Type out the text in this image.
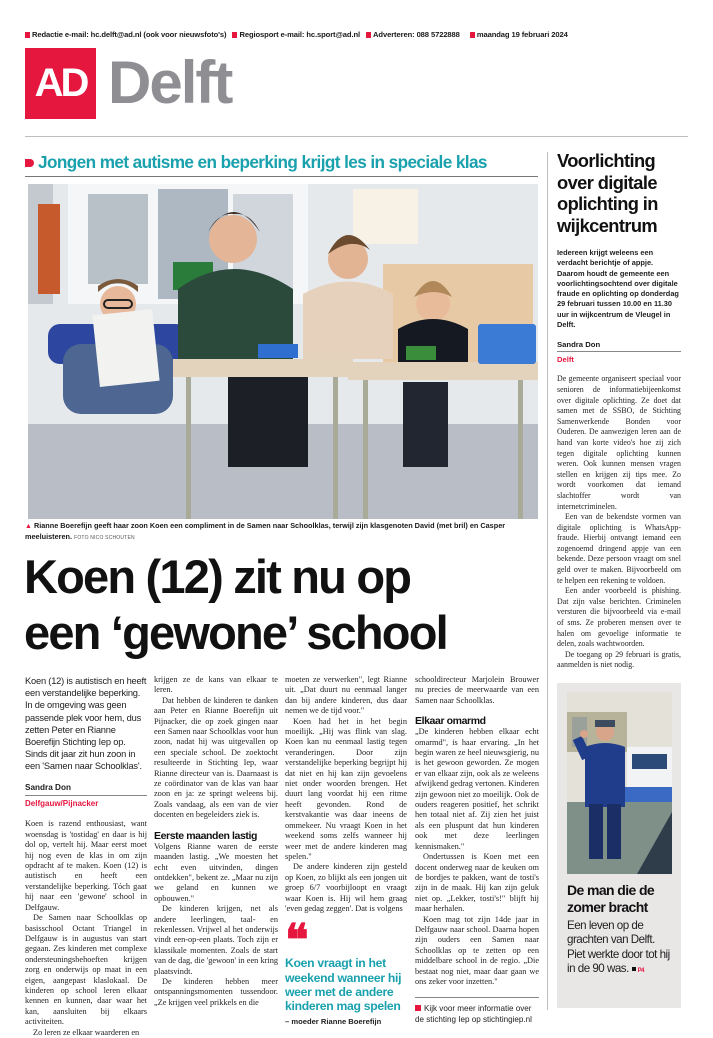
Redactie e-mail: hc.delft@ad.nl (ook voor nieuwsfoto's) Regiosport e-mail: hc.sport@ad.nl Adverteren: 088 5722888 maandag 19 februari 2024
AD Delft
Jongen met autisme en beperking krijgt les in speciale klas
▲ Rianne Boerefijn geeft haar zoon Koen een compliment in de Samen naar Schoolklas, terwijl zijn klasgenoten David (met bril) en Casper meeluisteren. FOTO NICO SCHOUTEN
Koen (12) zit nu op
een ‘gewone’ school
Koen (12) is autistisch en heeft een verstandelijke beperking. In de omgeving was geen passende plek voor hem, dus zetten Peter en Rianne Boerefijn Stichting Iep op. Sinds dit jaar zit hun zoon in een 'Samen naar Schoolklas'.
Sandra Don
Delfgauw/Pijnacker

Koen is razend enthousiast, want woensdag is 'tostidag' en daar is hij dol op, vertelt hij. Maar eerst moet hij nog even de klas in om zijn opdracht af te maken. Koen (12) is autistisch en heeft een verstandelijke beperking. Tóch gaat hij naar een 'gewone' school in Delfgauw.

De Samen naar Schoolklas op basisschool Octant Triangel in Delfgauw is in augustus van start gegaan. Zes kinderen met complexe ondersteuningsbehoeften krijgen zorg en onderwijs op maat in een eigen, aangepast klaslokaal. De kinderen op school leren elkaar kennen en kunnen, daar waar het kan, aansluiten bij elkaars activiteiten.

Zo leren ze elkaar waarderen en

krijgen ze de kans van elkaar te leren.

Dat hebben de kinderen te danken aan Peter en Rianne Boerefijn uit Pijnacker, die op zoek gingen naar een Samen naar Schoolklas voor hun zoon, nadat hij was uitgevallen op een speciale school. De zoektocht resulteerde in Stichting Iep, waar Rianne directeur van is. Daarnaast is ze coördinator van de klas van haar zoon en ja: ze springt weleens bij. Zoals vandaag, als een van de vier docenten en begeleiders ziek is.

Eerste maanden lastig

Volgens Rianne waren de eerste maanden lastig. „We moesten het echt even uitvinden, dingen ontdekken", bekent ze. „Maar nu zijn we geland en kunnen we opbouwen."

De kinderen krijgen, net als andere leerlingen, taal- en rekenlessen. Vrijwel al het onderwijs vindt een-op-een plaats. Toch zijn er klassikale momenten. Zoals de start van de dag, die 'gewoon' in een kring plaatsvindt.

De kinderen hebben meer ontspanningsmomenten tussendoor. „Ze krijgen veel prikkels en die

moeten ze verwerken", legt Rianne uit. „Dat duurt nu eenmaal langer dan bij andere kinderen, dus daar nemen we de tijd voor."

Koen had het in het begin moeilijk. „Hij was flink van slag. Koen kan nu eenmaal lastig tegen veranderingen. Door zijn verstandelijke beperking begrijpt hij dat niet en hij kan zijn gevoelens niet onder woorden brengen. Het duurt lang voordat hij een ritme heeft gevonden. Rond de kerstvakantie was daar ineens de ommekeer. Nu vraagt Koen in het weekend soms zelfs wanneer hij weer met de andere kinderen mag spelen."

De andere kinderen zijn gesteld op Koen, zo blijkt als een jongen uit groep 6/7 voorbijloopt en vraagt waar Koen is. Hij wil hem graag 'even gedag zeggen'. Dat is volgens

❝
Koen vraagt in het weekend wanneer hij weer met de andere kinderen mag spelen
– moeder Rianne Boerefijn

schooldirecteur Marjolein Brouwer nu precies de meerwaarde van een Samen naar Schoolklas.

Elkaar omarmd

„De kinderen hebben elkaar echt omarmd", is haar ervaring. „In het begin waren ze heel nieuwsgierig, nu is het gewoon geworden. Ze mogen er van elkaar zijn, ook als ze weleens afwijkend gedrag vertonen. Kinderen zijn gewoon niet zo moeilijk. Ook de ouders reageren positief, het schrikt hen totaal niet af. Zij zien het juist als een pluspunt dat hun kinderen ook met deze leerlingen kennismaken."

Ondertussen is Koen met een docent onderweg naar de keuken om de bordjes te pakken, want de tosti's zijn in de maak. Hij kan zijn geluk niet op. „Lekker, tosti's!" blijft hij maar herhalen.

Koen mag tot zijn 14de jaar in Delfgauw naar school. Daarna hopen zijn ouders een Samen naar Schoolklas op te zetten op een middelbare school in de regio. „Die bestaat nog niet, maar daar gaan we ons zeker voor inzetten."

Kijk voor meer informatie over de stichting Iep op stichtingiep.nl
Voorlichting over digitale oplichting in wijkcentrum
Iedereen krijgt weleens een verdacht berichtje of appje. Daarom houdt de gemeente een voorlichtingsochtend over digitale fraude en oplichting op donderdag 29 februari tussen 10.00 en 11.30 uur in wijkcentrum de Vleugel in Delft.
Sandra Don
Delft

De gemeente organiseert speciaal voor senioren de informatiebijeenkomst over digitale oplichting. Ze doet dat samen met de SSBO, de Stichting Samenwerkende Bonden voor Ouderen. De aanwezigen leren aan de hand van korte video's hoe zij zich tegen digitale oplichting kunnen weren. Ook kunnen mensen vragen stellen en krijgen zij tips mee. Zo wordt voorkomen dat iemand slachtoffer wordt van internetcriminelen.

Een van de bekendste vormen van digitale oplichting is WhatsApp-fraude. Hierbij ontvangt iemand een zogenoemd dringend appje van een bekende. Deze persoon vraagt om snel geld over te maken. Bijvoorbeeld om te helpen een rekening te voldoen.

Een ander voorbeeld is phishing. Dat zijn valse berichten. Criminelen versturen die bijvoorbeeld via e-mail of sms. Ze proberen mensen over te halen om gevoelige informatie te delen, zoals wachtwoorden.

De toegang op 29 februari is gratis, aanmelden is niet nodig.

De man die de zomer bracht
Een leven op de grachten van Delft. Piet werkte door tot hij in de 90 was. P4
